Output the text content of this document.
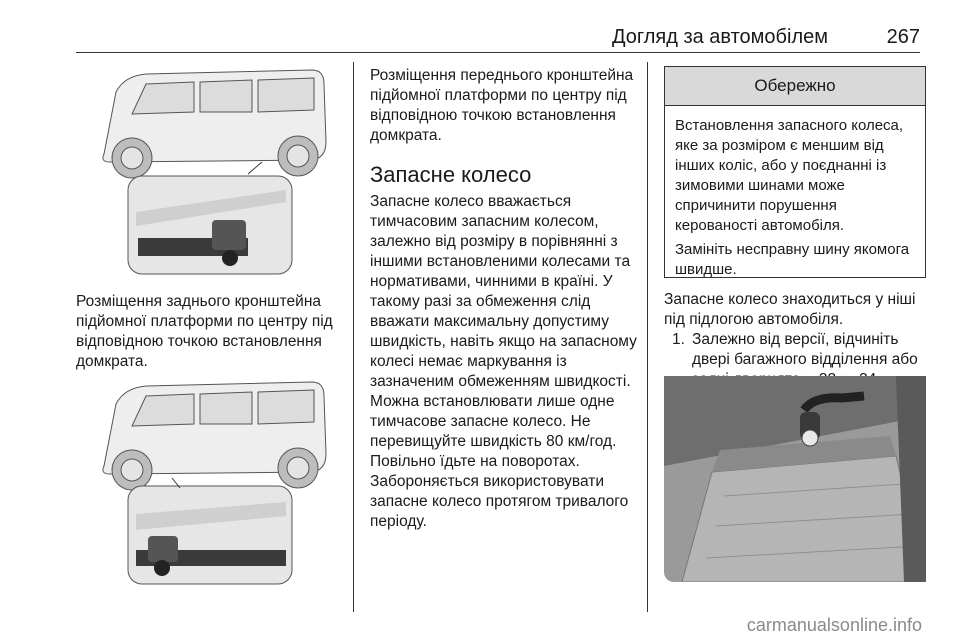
Догляд за автомобілем	267
Розміщення заднього кронштейна підйомної платформи по центру під відповідною точкою встановлення домкрата.
Розміщення переднього кронштейна підйомної платформи по центру під відповідною точкою встановлення домкрата.
Запасне колесо
Запасне колесо вважається тимчасовим запасним колесом, залежно від розміру в порівнянні з іншими встановленими колесами та нормативами, чинними в країні. У такому разі за обмеження слід вважати максимальну допустиму швидкість, навіть якщо на запасному колесі немає маркування із зазначеним обмеженням швидкості.
Можна встановлювати лише одне тимчасове запасне колесо. Не перевищуйте швидкість 80 км/год. Повільно їдьте на поворотах. Забороняється використовувати запасне колесо протягом тривалого періоду.
Обережно

Встановлення запасного колеса, яке за розміром є меншим від інших коліс, або у поєднанні із зимовими шинами може спричинити порушення керованості автомобіля.

Замініть несправну шину якомога швидше.

Запасне колесо знаходиться у ніші під підлогою автомобіля.
1. Залежно від версії, відчиніть двері багажного відділення або
carmanualsonline.info
